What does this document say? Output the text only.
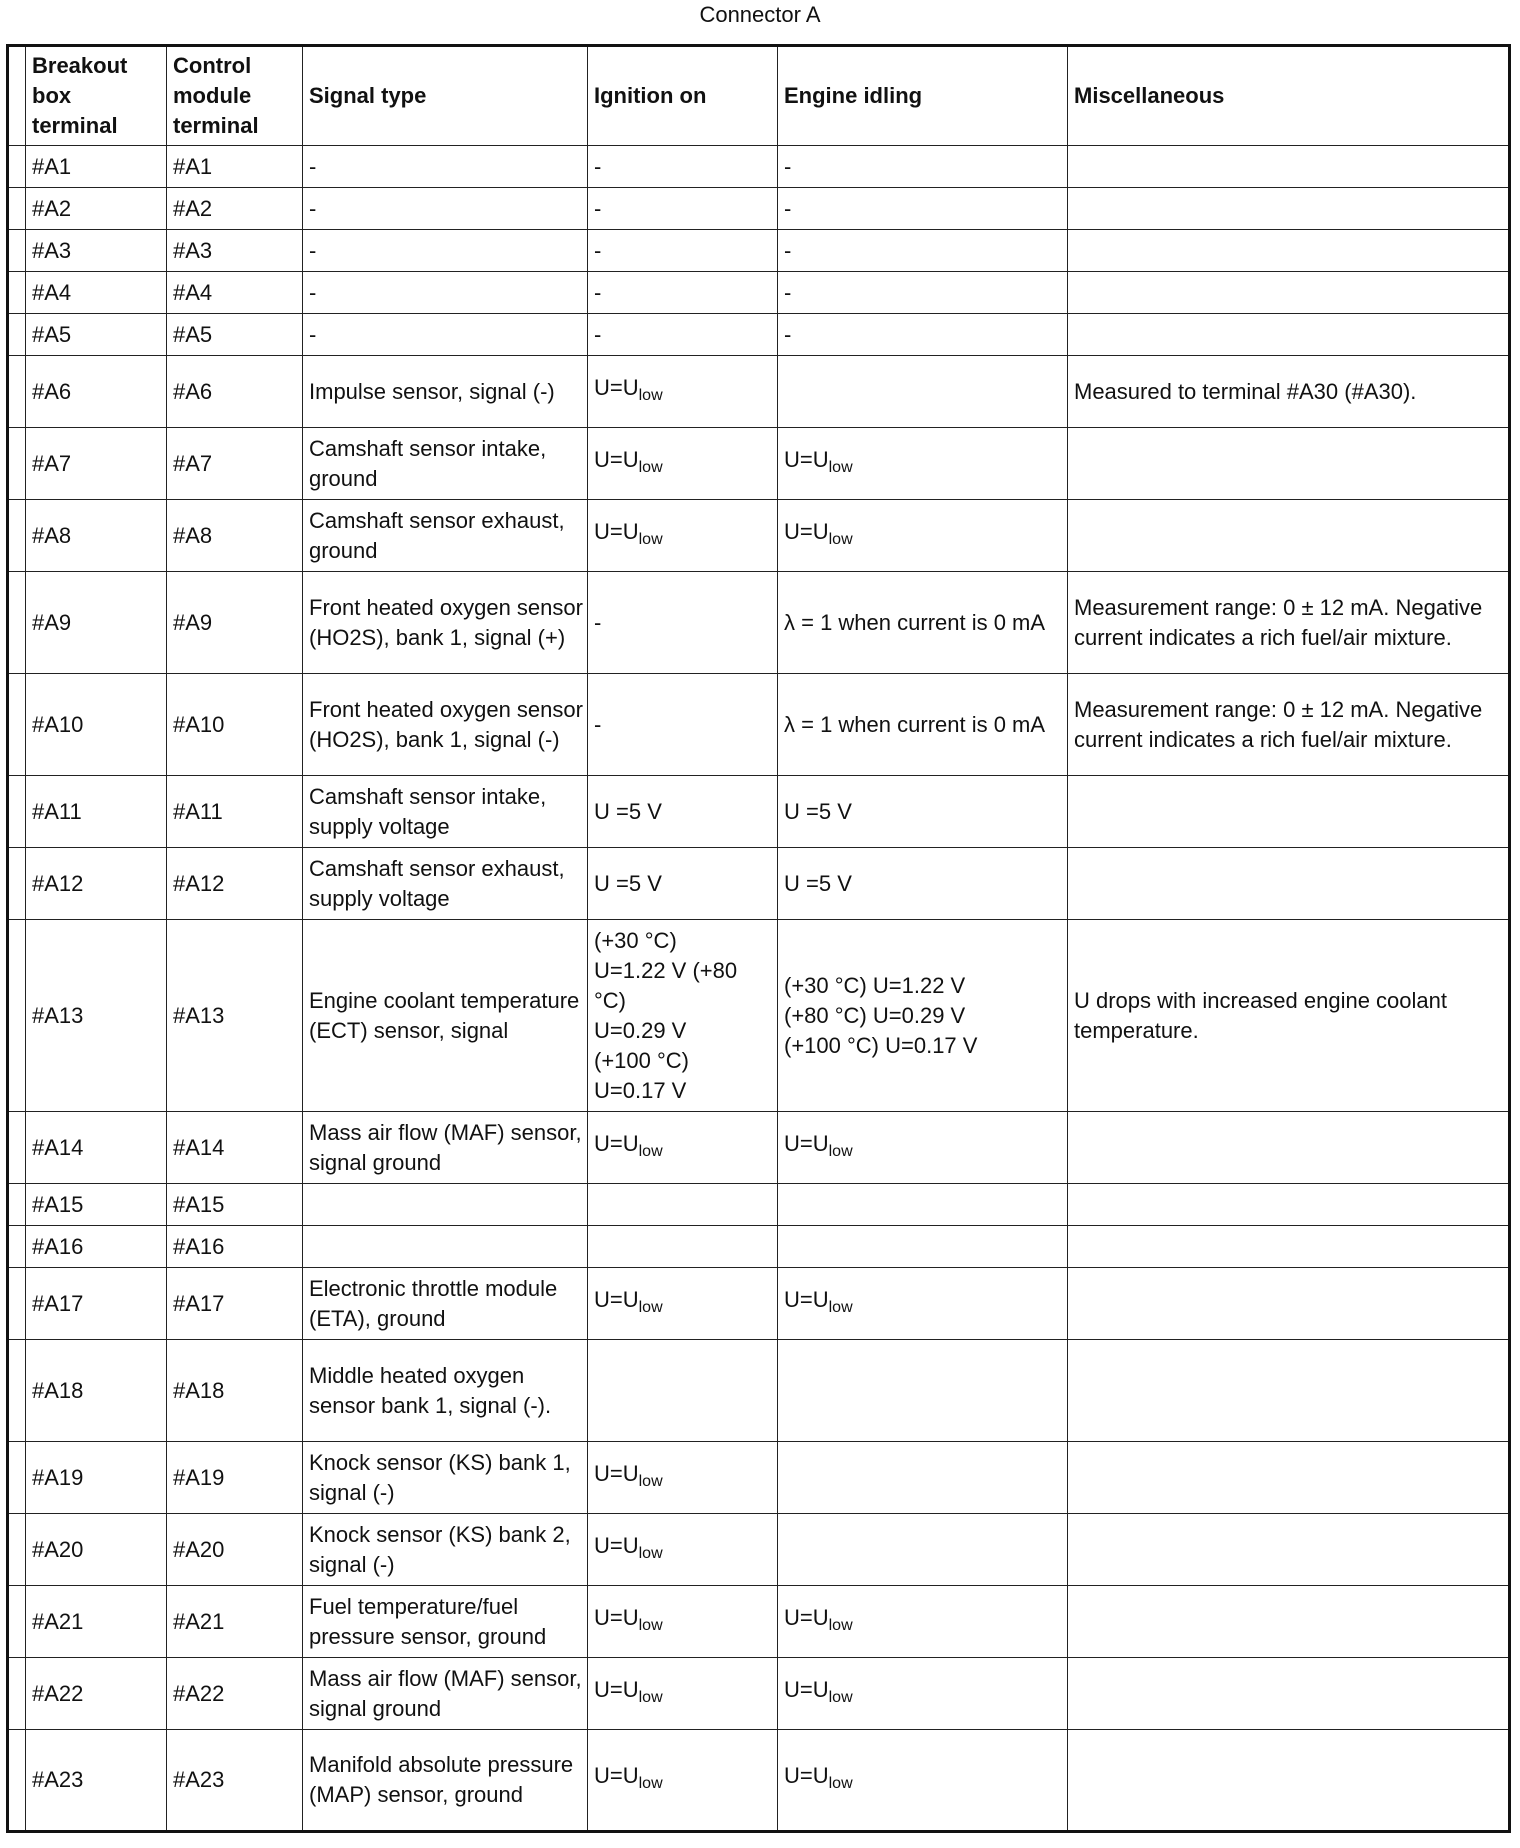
Connector A
	Breakout box terminal	Control module terminal	Signal type	Ignition on	Engine idling	Miscellaneous
	#A1	#A1	-	-	-	
	#A2	#A2	-	-	-	
	#A3	#A3	-	-	-	
	#A4	#A4	-	-	-	
	#A5	#A5	-	-	-	
	#A6	#A6	Impulse sensor, signal (-)	$U=U_{low}$		Measured to terminal #A30 (#A30).
	#A7	#A7	Camshaft sensor intake, ground	$U=U_{low}$	$U=U_{low}$	
	#A8	#A8	Camshaft sensor exhaust, ground	$U=U_{low}$	$U=U_{low}$	
	#A9	#A9	Front heated oxygen sensor (HO2S), bank 1, signal (+)	-	λ = 1 when current is 0 mA	Measurement range: 0 ± 12 mA. Negative current indicates a rich fuel/air mixture.
	#A10	#A10	Front heated oxygen sensor (HO2S), bank 1, signal (-)	-	λ = 1 when current is 0 mA	Measurement range: 0 ± 12 mA. Negative current indicates a rich fuel/air mixture.
	#A11	#A11	Camshaft sensor intake, supply voltage	U =5 V	U =5 V	
	#A12	#A12	Camshaft sensor exhaust, supply voltage	U =5 V	U =5 V	
	#A13	#A13	Engine coolant temperature (ECT) sensor, signal	(+30 °C)
U=1.22 V (+80 °C)
U=0.29 V
(+100 °C)
U=0.17 V	(+30 °C) U=1.22 V
(+80 °C) U=0.29 V
(+100 °C) U=0.17 V	U drops with increased engine coolant temperature.
	#A14	#A14	Mass air flow (MAF) sensor, signal ground	$U=U_{low}$	$U=U_{low}$	
	#A15	#A15				
	#A16	#A16				
	#A17	#A17	Electronic throttle module (ETA), ground	$U=U_{low}$	$U=U_{low}$	
	#A18	#A18	Middle heated oxygen sensor bank 1, signal (-).			
	#A19	#A19	Knock sensor (KS) bank 1, signal (-)	$U=U_{low}$		
	#A20	#A20	Knock sensor (KS) bank 2, signal (-)	$U=U_{low}$		
	#A21	#A21	Fuel temperature/fuel pressure sensor, ground	$U=U_{low}$	$U=U_{low}$	
	#A22	#A22	Mass air flow (MAF) sensor, signal ground	$U=U_{low}$	$U=U_{low}$	
	#A23	#A23	Manifold absolute pressure (MAP) sensor, ground	$U=U_{low}$	$U=U_{low}$	
